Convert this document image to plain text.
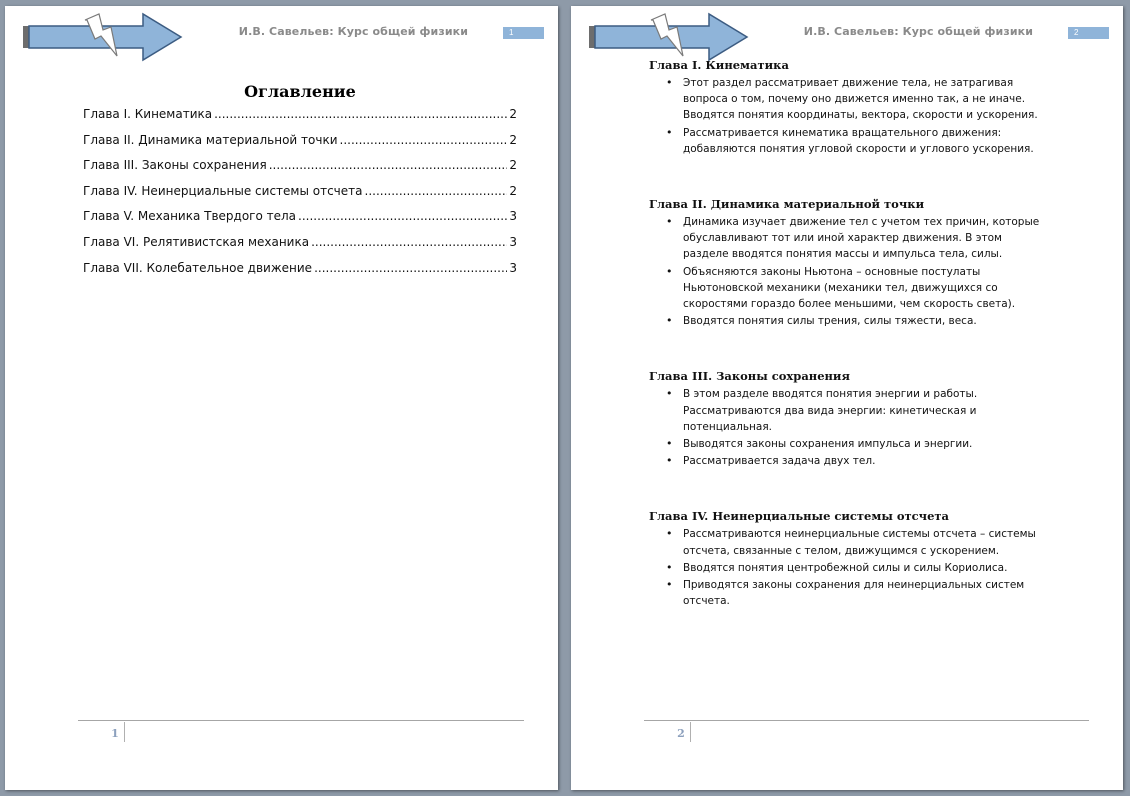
И.В. Савельев: Курс общей физики	1
Оглавление
Глава I. Кинематика .....	2
Глава II. Динамика материальной точки .....	2
Глава III. Законы сохранения .....	2
Глава IV. Неинерциальные системы отсчета .....	2
Глава V. Механика Твердого тела .....	3
Глава VI. Релятивистская механика .....	3
Глава VII. Колебательное движение .....	3
1
И.В. Савельев: Курс общей физики	2
Глава I. Кинематика
• Этот раздел рассматривает движение тела, не затрагивая вопроса о том, почему оно движется именно так, а не иначе. Вводятся понятия координаты, вектора, скорости и ускорения.
• Рассматривается кинематика вращательного движения: добавляются понятия угловой скорости и углового ускорения.
Глава II. Динамика материальной точки
• Динамика изучает движение тел с учетом тех причин, которые обуславливают тот или иной характер движения. В этом разделе вводятся понятия массы и импульса тела, силы.
• Объясняются законы Ньютона – основные постулаты Ньютоновской механики (механики тел, движущихся со скоростями гораздо более меньшими, чем скорость света).
• Вводятся понятия силы трения, силы тяжести, веса.
Глава III. Законы сохранения
• В этом разделе вводятся понятия энергии и работы. Рассматриваются два вида энергии: кинетическая и потенциальная.
• Выводятся законы сохранения импульса и энергии.
• Рассматривается задача двух тел.
Глава IV. Неинерциальные системы отсчета
• Рассматриваются неинерциальные системы отсчета – системы отсчета, связанные с телом, движущимся с ускорением.
• Вводятся понятия центробежной силы и силы Кориолиса.
• Приводятся законы сохранения для неинерциальных систем отсчета.
2
